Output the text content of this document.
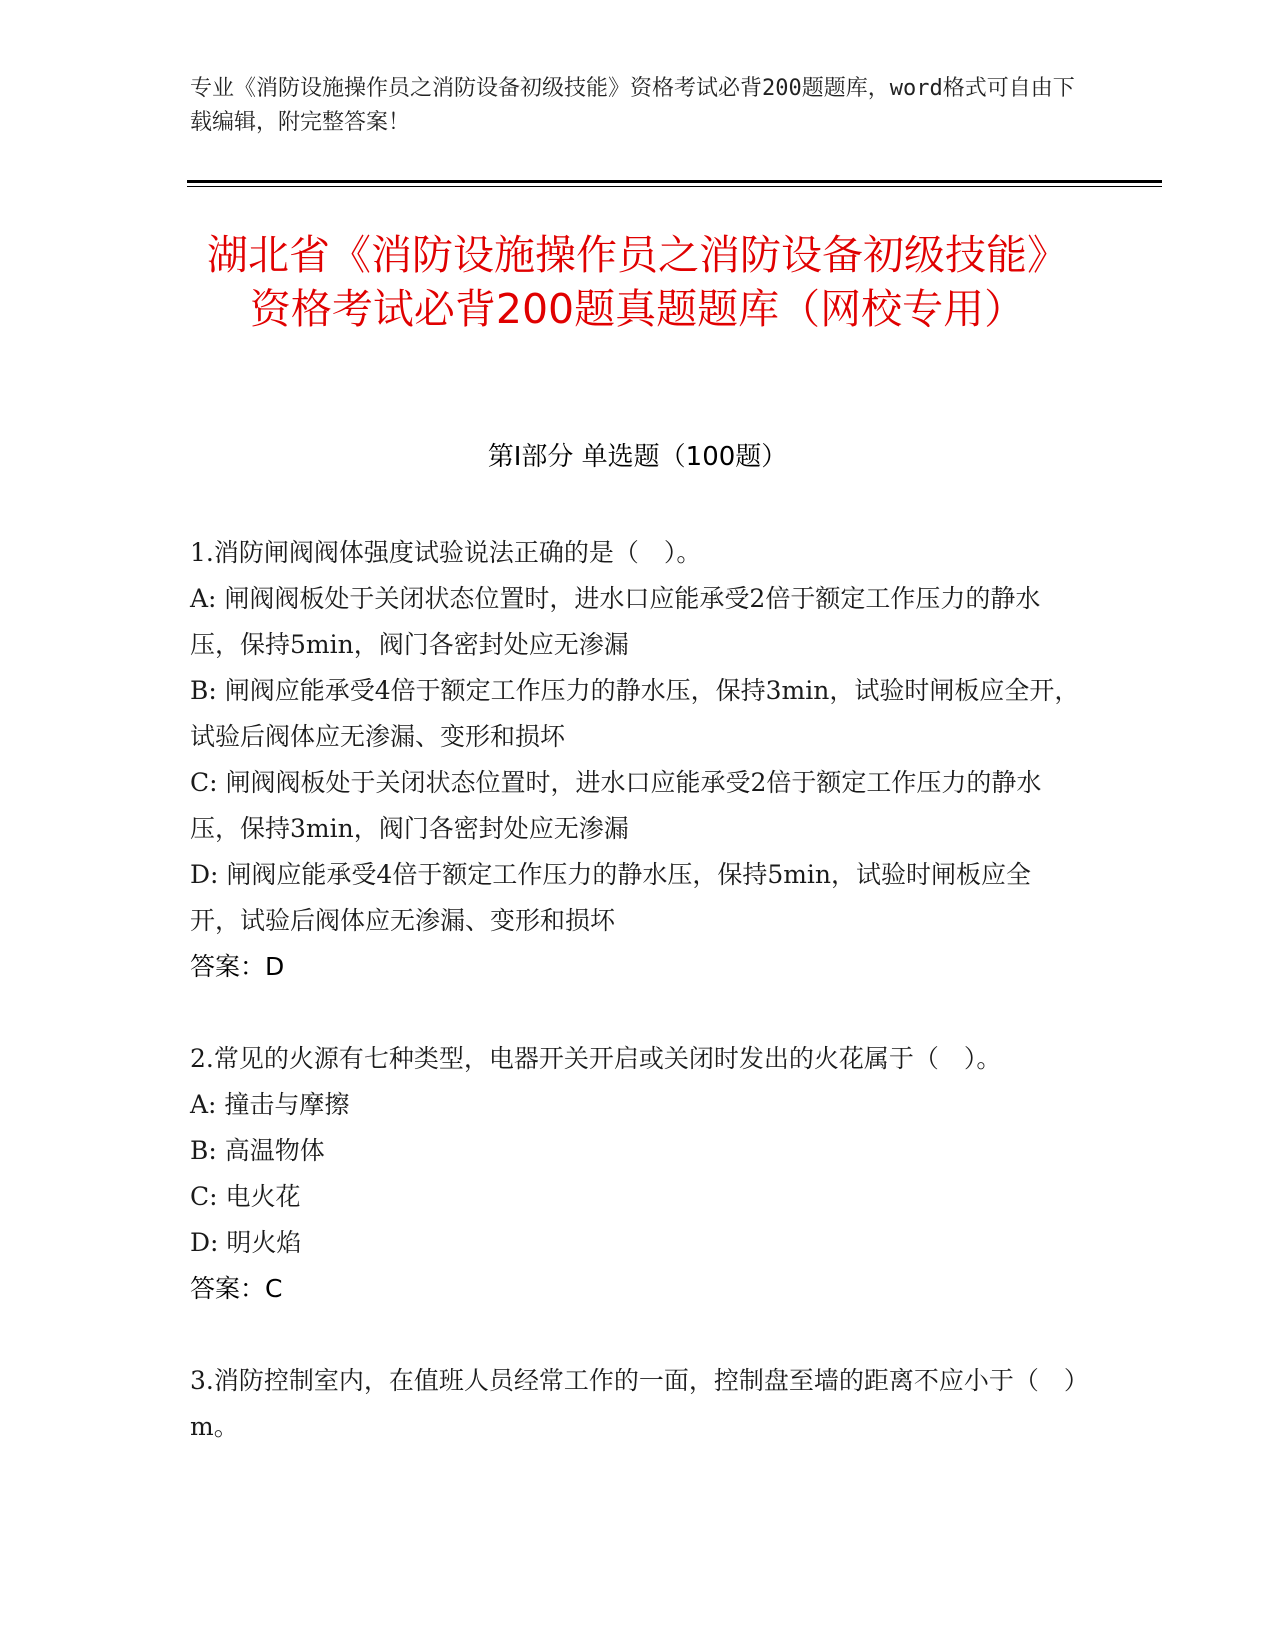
专业《消防设施操作员之消防设备初级技能》资格考试必背200题题库，word格式可自由下载编辑，附完整答案！
湖北省《消防设施操作员之消防设备初级技能》资格考试必背200题真题题库（网校专用）
第I部分 单选题（100题）

1.消防闸阀阀体强度试验说法正确的是（　）。

A: 闸阀阀板处于关闭状态位置时，进水口应能承受2倍于额定工作压力的静水压，保持5min，阀门各密封处应无渗漏

B: 闸阀应能承受4倍于额定工作压力的静水压，保持3min，试验时闸板应全开，试验后阀体应无渗漏、变形和损坏

C: 闸阀阀板处于关闭状态位置时，进水口应能承受2倍于额定工作压力的静水压，保持3min，阀门各密封处应无渗漏

D: 闸阀应能承受4倍于额定工作压力的静水压，保持5min，试验时闸板应全开，试验后阀体应无渗漏、变形和损坏

答案：D

2.常见的火源有七种类型，电器开关开启或关闭时发出的火花属于（　）。

A: 撞击与摩擦

B: 高温物体

C: 电火花

D: 明火焰

答案：C

3.消防控制室内，在值班人员经常工作的一面，控制盘至墙的距离不应小于（　）m。
